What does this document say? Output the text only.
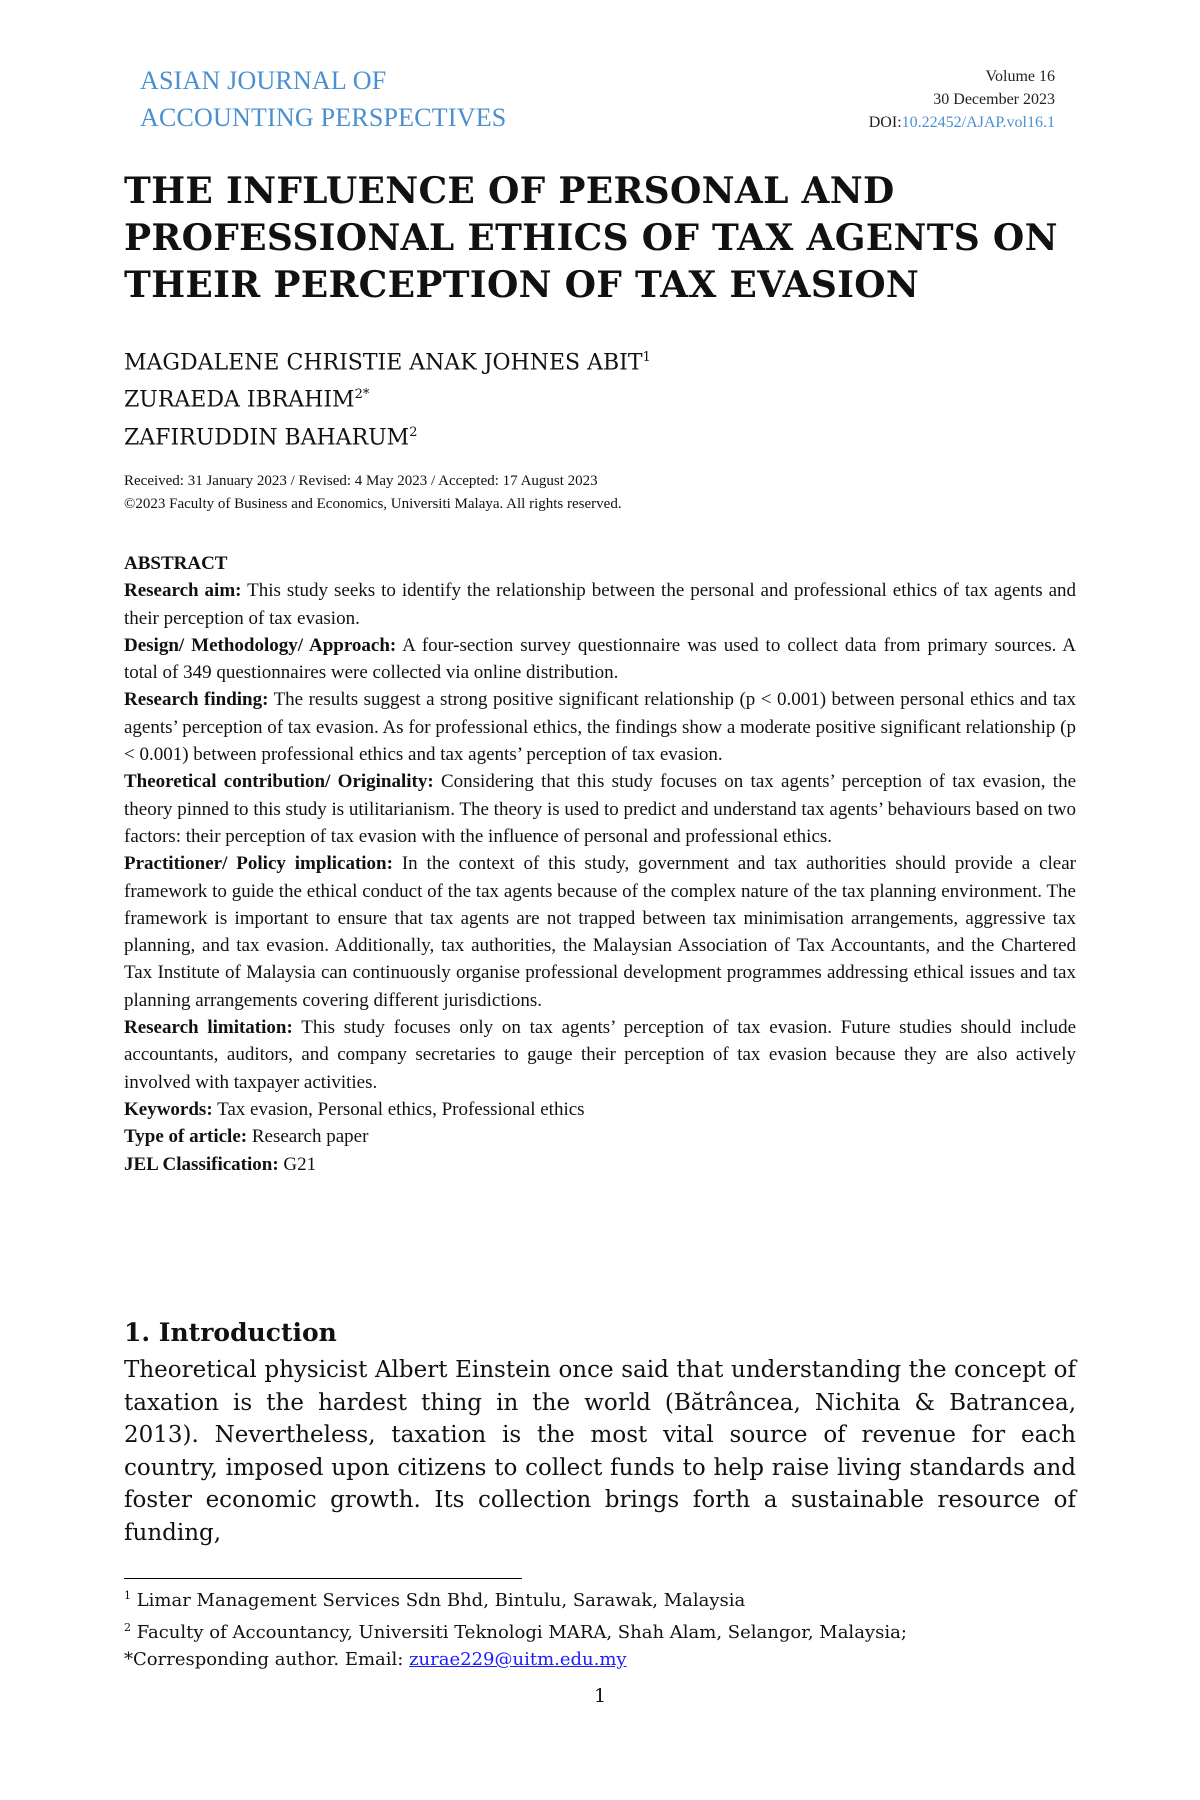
ASIAN JOURNAL OF
ACCOUNTING PERSPECTIVES
Volume 16
30 December 2023
DOI:10.22452/AJAP.vol16.1
THE INFLUENCE OF PERSONAL AND
PROFESSIONAL ETHICS OF TAX AGENTS ON
THEIR PERCEPTION OF TAX EVASION
MAGDALENE CHRISTIE ANAK JOHNES ABIT$^1$
ZURAEDA $IBRAHIM^{2*}$
ZAFIRUDDIN BAHARUM$^2$
Received: 31 January 2023 / Revised: 4 May 2023 / Accepted: 17 August 2023
©2023 Faculty of Business and Economics, Universiti Malaya. All rights reserved.

ABSTRACT

Research aim: This study seeks to identify the relationship between the personal and professional ethics of tax agents and their perception of tax evasion.

Design/ Methodology/ Approach: A four-section survey questionnaire was used to collect data from primary sources. A total of 349 questionnaires were collected via online distribution.

Research finding: The results suggest a strong positive significant relationship (p < 0.001) between personal ethics and tax agents’ perception of tax evasion. As for professional ethics, the findings show a moderate positive significant relationship (p < 0.001) between professional ethics and tax agents’ perception of tax evasion.

Theoretical contribution/ Originality: Considering that this study focuses on tax agents’ perception of tax evasion, the theory pinned to this study is utilitarianism. The theory is used to predict and understand tax agents’ behaviours based on two factors: their perception of tax evasion with the influence of personal and professional ethics.

Practitioner/ Policy implication: In the context of this study, government and tax authorities should provide a clear framework to guide the ethical conduct of the tax agents because of the complex nature of the tax planning environment. The framework is important to ensure that tax agents are not trapped between tax minimisation arrangements, aggressive tax planning, and tax evasion. Additionally, tax authorities, the Malaysian Association of Tax Accountants, and the Chartered Tax Institute of Malaysia can continuously organise professional development programmes addressing ethical issues and tax planning arrangements covering different jurisdictions.

Research limitation: This study focuses only on tax agents’ perception of tax evasion. Future studies should include accountants, auditors, and company secretaries to gauge their perception of tax evasion because they are also actively involved with taxpayer activities.

Keywords: Tax evasion, Personal ethics, Professional ethics

Type of article: Research paper

JEL Classification: G21

1. Introduction

Theoretical physicist Albert Einstein once said that understanding the concept of taxation is the hardest thing in the world (Bătrâncea, Nichita & Batrancea, 2013). Nevertheless, taxation is the most vital source of revenue for each country, imposed upon citizens to collect funds to help raise living standards and foster economic growth. Its collection brings forth a sustainable resource of funding,

$^1$ Limar Management Services Sdn Bhd, Bintulu, Sarawak, Malaysia
$^2$ Faculty of Accountancy, Universiti Teknologi MARA, Shah Alam, Selangor, Malaysia;
*Corresponding author. Email: zurae229@uitm.edu.my
1
